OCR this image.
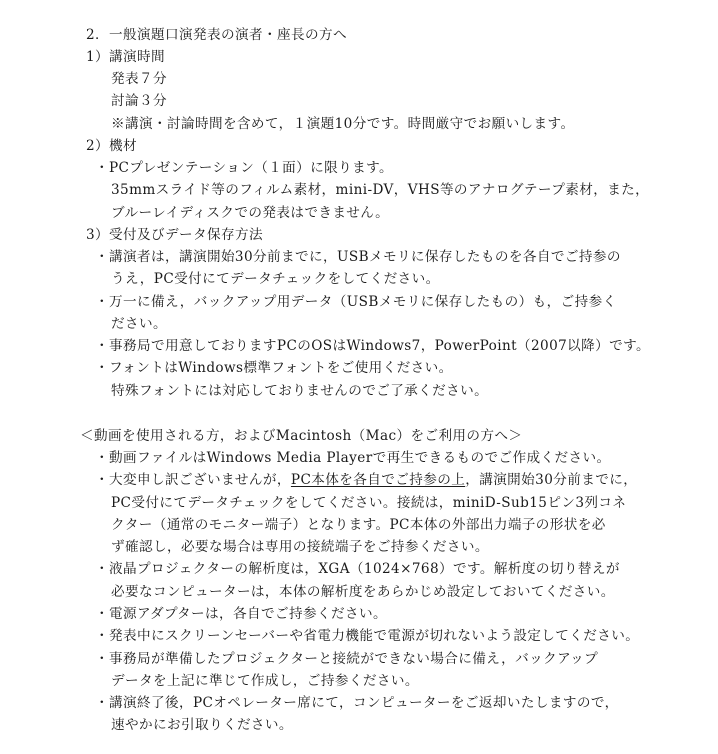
2．一般演題口演発表の演者・座長の方へ
1）講演時間
発表７分
討論３分
※講演・討論時間を含めて，１演題10分です。時間厳守でお願いします。
2）機材
・PCプレゼンテーション（１面）に限ります。
35mmスライド等のフィルム素材，mini-DV，VHS等のアナログテープ素材，また，
ブルーレイディスクでの発表はできません。
3）受付及びデータ保存方法
・講演者は，講演開始30分前までに，USBメモリに保存したものを各自でご持参の
うえ，PC受付にてデータチェックをしてください。
・万一に備え，バックアップ用データ（USBメモリに保存したもの）も，ご持参く
ださい。
・事務局で用意しておりますPCのOSはWindows7，PowerPoint（2007以降）です。
・フォントはWindows標準フォントをご使用ください。
特殊フォントには対応しておりませんのでご了承ください。
＜動画を使用される方，およびMacintosh（Mac）をご利用の方へ＞
・動画ファイルはWindows Media Playerで再生できるものでご作成ください。
・大変申し訳ございませんが，PC本体を各自でご持参の上，講演開始30分前までに，
PC受付にてデータチェックをしてください。接続は，miniD-Sub15ピン3列コネ
クター（通常のモニター端子）となります。PC本体の外部出力端子の形状を必
ず確認し，必要な場合は専用の接続端子をご持参ください。
・液晶プロジェクターの解析度は，XGA（1024×768）です。解析度の切り替えが
必要なコンピューターは，本体の解析度をあらかじめ設定しておいてください。
・電源アダプターは，各自でご持参ください。
・発表中にスクリーンセーバーや省電力機能で電源が切れないよう設定してください。
・事務局が準備したプロジェクターと接続ができない場合に備え，バックアップ
データを上記に準じて作成し，ご持参ください。
・講演終了後，PCオペレーター席にて，コンピューターをご返却いたしますので，
速やかにお引取りください。
